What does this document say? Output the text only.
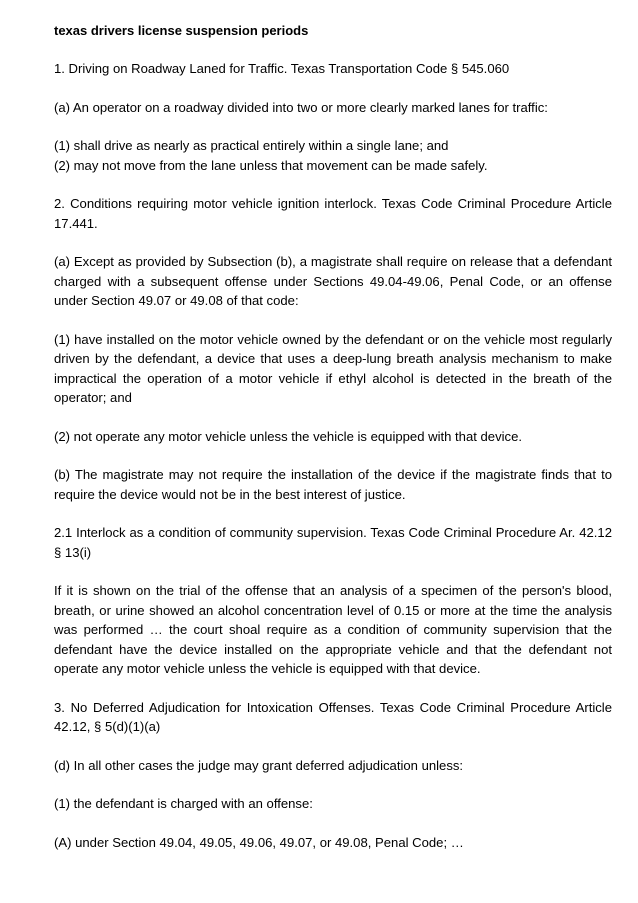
texas drivers license suspension periods

1. Driving on Roadway Laned for Traffic. Texas Transportation Code § 545.060

(a) An operator on a roadway divided into two or more clearly marked lanes for traffic:

(1) shall drive as nearly as practical entirely within a single lane; and
(2) may not move from the lane unless that movement can be made safely.

2. Conditions requiring motor vehicle ignition interlock. Texas Code Criminal Procedure Article 17.441.

(a) Except as provided by Subsection (b), a magistrate shall require on release that a defendant charged with a subsequent offense under Sections 49.04-49.06, Penal Code, or an offense under Section 49.07 or 49.08 of that code:

(1) have installed on the motor vehicle owned by the defendant or on the vehicle most regularly driven by the defendant, a device that uses a deep-lung breath analysis mechanism to make impractical the operation of a motor vehicle if ethyl alcohol is detected in the breath of the operator; and

(2) not operate any motor vehicle unless the vehicle is equipped with that device.

(b) The magistrate may not require the installation of the device if the magistrate finds that to require the device would not be in the best interest of justice.

2.1 Interlock as a condition of community supervision. Texas Code Criminal Procedure Ar. 42.12 § 13(i)

If it is shown on the trial of the offense that an analysis of a specimen of the person's blood, breath, or urine showed an alcohol concentration level of 0.15 or more at the time the analysis was performed … the court shoal require as a condition of community supervision that the defendant have the device installed on the appropriate vehicle and that the defendant not operate any motor vehicle unless the vehicle is equipped with that device.

3. No Deferred Adjudication for Intoxication Offenses. Texas Code Criminal Procedure Article 42.12, § 5(d)(1)(a)

(d) In all other cases the judge may grant deferred adjudication unless:

(1) the defendant is charged with an offense:

(A) under Section 49.04, 49.05, 49.06, 49.07, or 49.08, Penal Code; …
